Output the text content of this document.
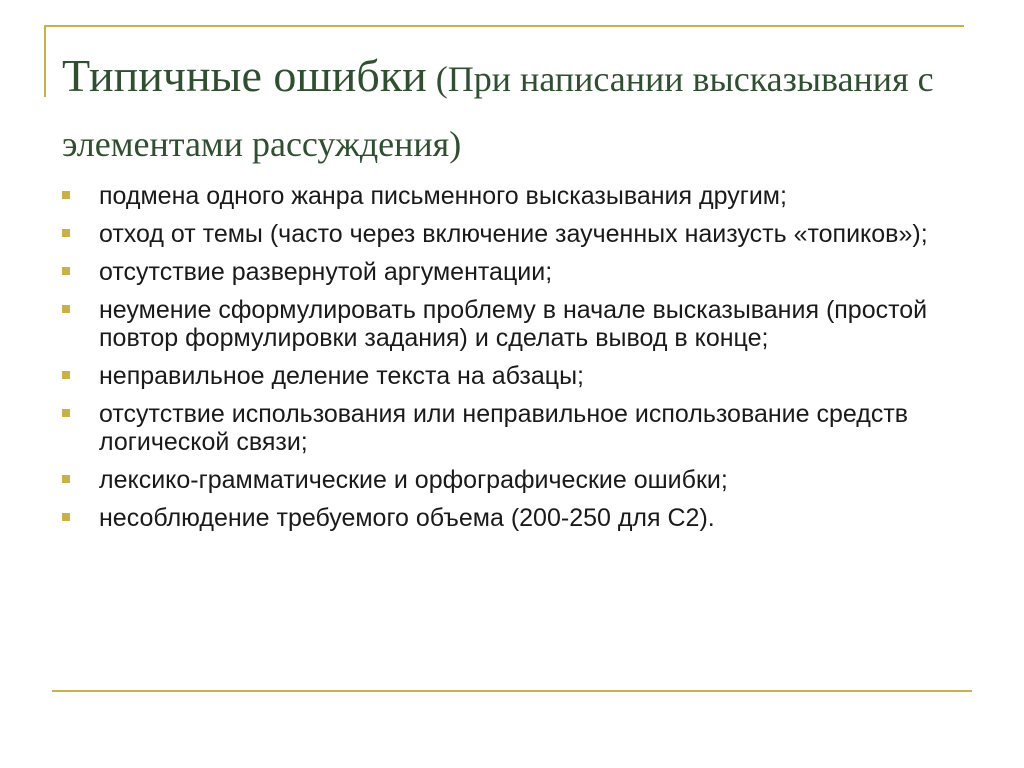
Типичные ошибки (При написании высказывания с элементами рассуждения)
подмена одного жанра письменного высказывания другим;
отход от темы (часто через включение заученных наизусть «топиков»);
отсутствие развернутой аргументации;
неумение сформулировать проблему в начале высказывания (простой повтор формулировки задания) и сделать вывод в конце;
неправильное деление текста на абзацы;
отсутствие использования или неправильное использование средств логической связи;
лексико-грамматические и орфографические ошибки;
несоблюдение требуемого объема (200-250 для С2).
